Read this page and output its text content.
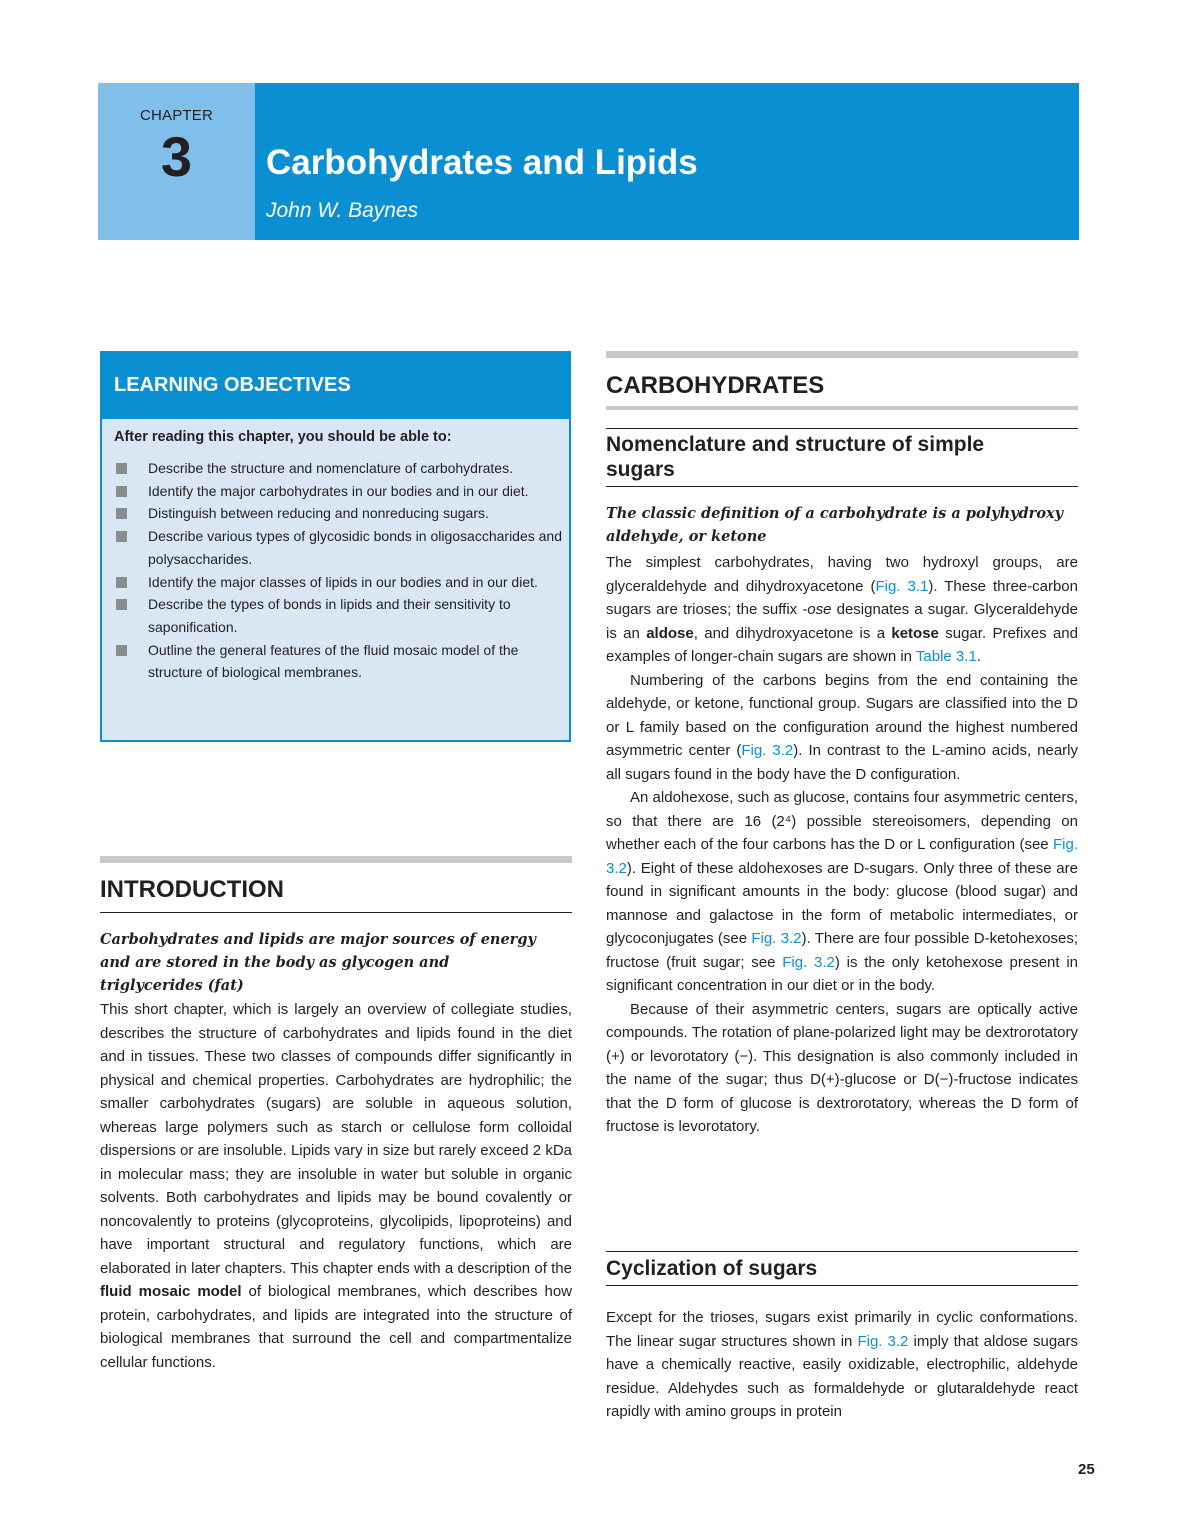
CHAPTER
3	Carbohydrates and Lipids
John W. Baynes
LEARNING OBJECTIVES
After reading this chapter, you should be able to:
Describe the structure and nomenclature of carbohydrates.
Identify the major carbohydrates in our bodies and in our diet.
Distinguish between reducing and nonreducing sugars.
Describe various types of glycosidic bonds in oligosaccharides and polysaccharides.
Identify the major classes of lipids in our bodies and in our diet.
Describe the types of bonds in lipids and their sensitivity to saponification.
Outline the general features of the fluid mosaic model of the structure of biological membranes.
INTRODUCTION
Carbohydrates and lipids are major sources of energy and are stored in the body as glycogen and triglycerides (fat)

This short chapter, which is largely an overview of collegiate studies, describes the structure of carbohydrates and lipids found in the diet and in tissues. These two classes of compounds differ significantly in physical and chemical properties. Carbohydrates are hydrophilic; the smaller carbohydrates (sugars) are soluble in aqueous solution, whereas large polymers such as starch or cellulose form colloidal dispersions or are insoluble. Lipids vary in size but rarely exceed 2 kDa in molecular mass; they are insoluble in water but soluble in organic solvents. Both carbohydrates and lipids may be bound covalently or noncovalently to proteins (glycoproteins, glycolipids, lipoproteins) and have important structural and regulatory functions, which are elaborated in later chapters. This chapter ends with a description of the fluid mosaic model of biological membranes, which describes how protein, carbohydrates, and lipids are integrated into the structure of biological membranes that surround the cell and compartmentalize cellular functions.

CARBOHYDRATES
Nomenclature and structure of simple sugars
The classic definition of a carbohydrate is a polyhydroxy aldehyde, or ketone

The simplest carbohydrates, having two hydroxyl groups, are glyceraldehyde and dihydroxyacetone (Fig. 3.1). These three-carbon sugars are trioses; the suffix -ose designates a sugar. Glyceraldehyde is an aldose, and dihydroxyacetone is a ketose sugar. Prefixes and examples of longer-chain sugars are shown in Table 3.1.

Numbering of the carbons begins from the end containing the aldehyde, or ketone, functional group. Sugars are classified into the D or L family based on the configuration around the highest numbered asymmetric center (Fig. 3.2). In contrast to the L-amino acids, nearly all sugars found in the body have the D configuration.

An aldohexose, such as glucose, contains four asymmetric centers, so that there are 16 (2⁴) possible stereoisomers, depending on whether each of the four carbons has the D or L configuration (see Fig. 3.2). Eight of these aldohexoses are D-sugars. Only three of these are found in significant amounts in the body: glucose (blood sugar) and mannose and galactose in the form of metabolic intermediates, or glycoconjugates (see Fig. 3.2). There are four possible D-ketohexoses; fructose (fruit sugar; see Fig. 3.2) is the only ketohexose present in significant concentration in our diet or in the body.

Because of their asymmetric centers, sugars are optically active compounds. The rotation of plane-polarized light may be dextrorotatory (+) or levorotatory (−). This designation is also commonly included in the name of the sugar; thus D(+)-glucose or D(−)-fructose indicates that the D form of glucose is dextrorotatory, whereas the D form of fructose is levorotatory.

Cyclization of sugars

Except for the trioses, sugars exist primarily in cyclic conformations. The linear sugar structures shown in Fig. 3.2 imply that aldose sugars have a chemically reactive, easily oxidizable, electrophilic, aldehyde residue. Aldehydes such as formaldehyde or glutaraldehyde react rapidly with amino groups in protein

25
